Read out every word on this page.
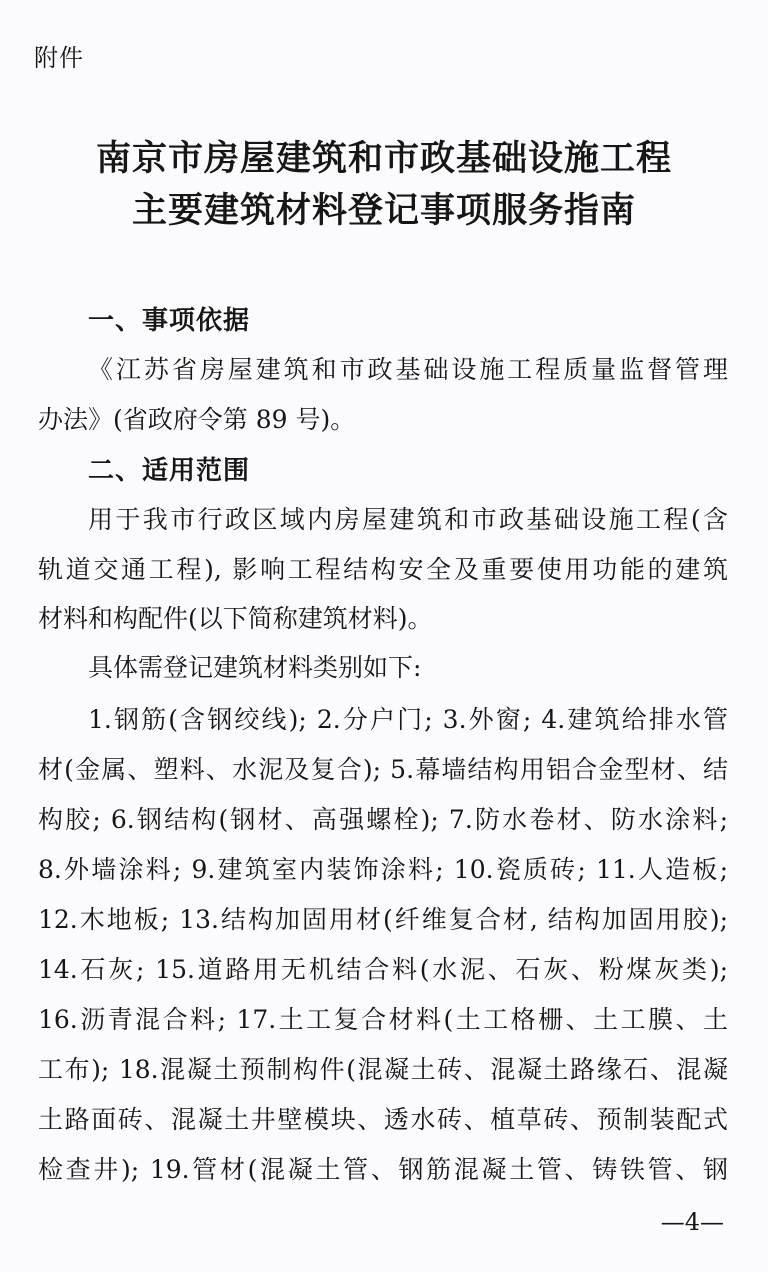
附件
南京市房屋建筑和市政基础设施工程
主要建筑材料登记事项服务指南
一、事项依据
《江苏省房屋建筑和市政基础设施工程质量监督管理
办法》(省政府令第 89 号)。
二、适用范围
用于我市行政区域内房屋建筑和市政基础设施工程(含
轨道交通工程), 影响工程结构安全及重要使用功能的建筑
材料和构配件(以下简称建筑材料)。
具体需登记建筑材料类别如下:
1.钢筋(含钢绞线); 2.分户门; 3.外窗; 4.建筑给排水管
材(金属、塑料、水泥及复合); 5.幕墙结构用铝合金型材、结
构胶; 6.钢结构(钢材、高强螺栓); 7.防水卷材、防水涂料;
8.外墙涂料; 9.建筑室内装饰涂料; 10.瓷质砖; 11.人造板;
12.木地板; 13.结构加固用材(纤维复合材, 结构加固用胶);
14.石灰; 15.道路用无机结合料(水泥、石灰、粉煤灰类);
16.沥青混合料; 17.土工复合材料(土工格栅、土工膜、土
工布); 18.混凝土预制构件(混凝土砖、混凝土路缘石、混凝
土路面砖、混凝土井壁模块、透水砖、植草砖、预制装配式
检查井); 19.管材(混凝土管、钢筋混凝土管、铸铁管、钢
—4—
